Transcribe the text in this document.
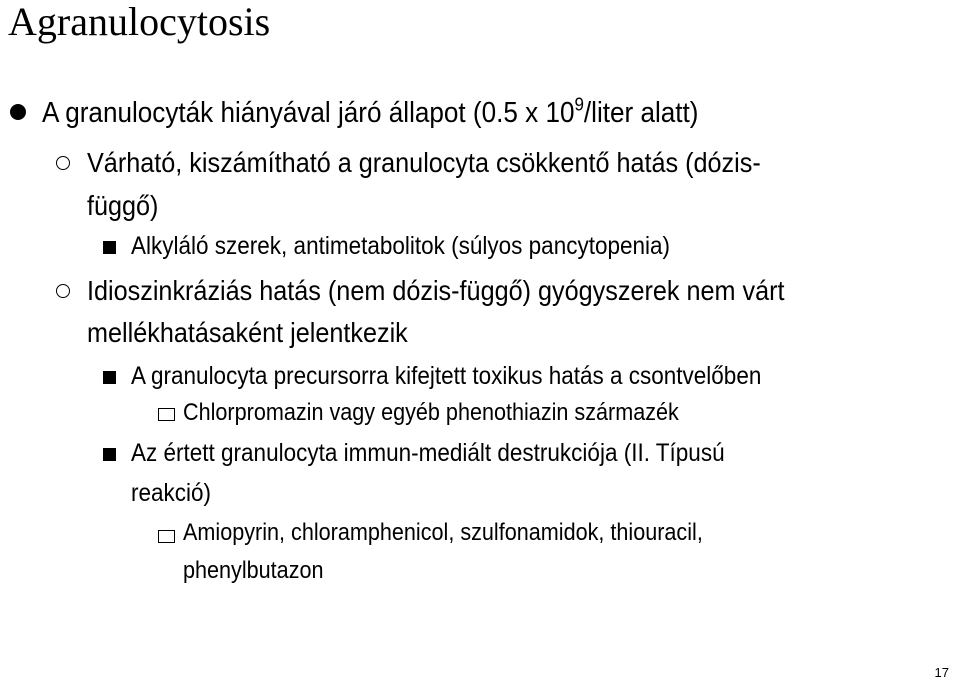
Agranulocytosis
A granulocyták hiányával járó állapot (0.5 x $10^9$/liter alatt)
Várható, kiszámítható a granulocyta csökkentő hatás (dózis-
függő)
Alkyláló szerek, antimetabolitok (súlyos pancytopenia)
Idioszinkráziás hatás (nem dózis-függő) gyógyszerek nem várt
mellékhatásaként jelentkezik
A granulocyta precursorra kifejtett toxikus hatás a csontvelőben
Chlorpromazin vagy egyéb phenothiazin származék
Az értett granulocyta immun-mediált destrukciója (II. Típusú
reakció)
Amiopyrin, chloramphenicol, szulfonamidok, thiouracil,
phenylbutazon
17
